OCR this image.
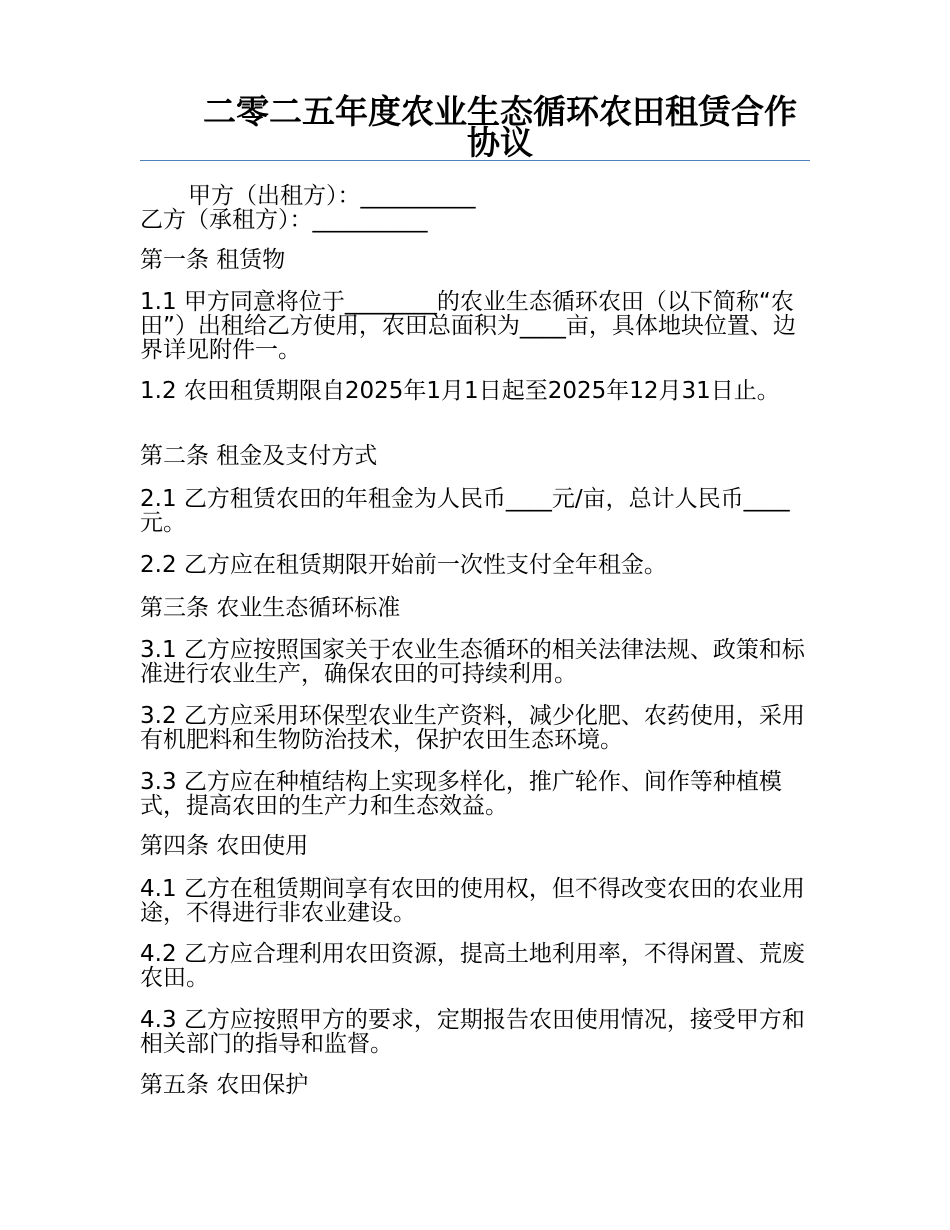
二零二五年度农业生态循环农田租赁合作协议
甲方（出租方）：__________
乙方（承租方）：__________
第一条 租赁物
1.1 甲方同意将位于________的农业生态循环农田（以下简称“农田”）出租给乙方使用，农田总面积为____亩，具体地块位置、边界详见附件一。
1.2 农田租赁期限自2025年1月1日起至2025年12月31日止。
第二条 租金及支付方式
2.1 乙方租赁农田的年租金为人民币____元/亩，总计人民币____元。
2.2 乙方应在租赁期限开始前一次性支付全年租金。
第三条 农业生态循环标准
3.1 乙方应按照国家关于农业生态循环的相关法律法规、政策和标准进行农业生产，确保农田的可持续利用。
3.2 乙方应采用环保型农业生产资料，减少化肥、农药使用，采用有机肥料和生物防治技术，保护农田生态环境。
3.3 乙方应在种植结构上实现多样化，推广轮作、间作等种植模式，提高农田的生产力和生态效益。
第四条 农田使用
4.1 乙方在租赁期间享有农田的使用权，但不得改变农田的农业用途，不得进行非农业建设。
4.2 乙方应合理利用农田资源，提高土地利用率，不得闲置、荒废农田。
4.3 乙方应按照甲方的要求，定期报告农田使用情况，接受甲方和相关部门的指导和监督。
第五条 农田保护
